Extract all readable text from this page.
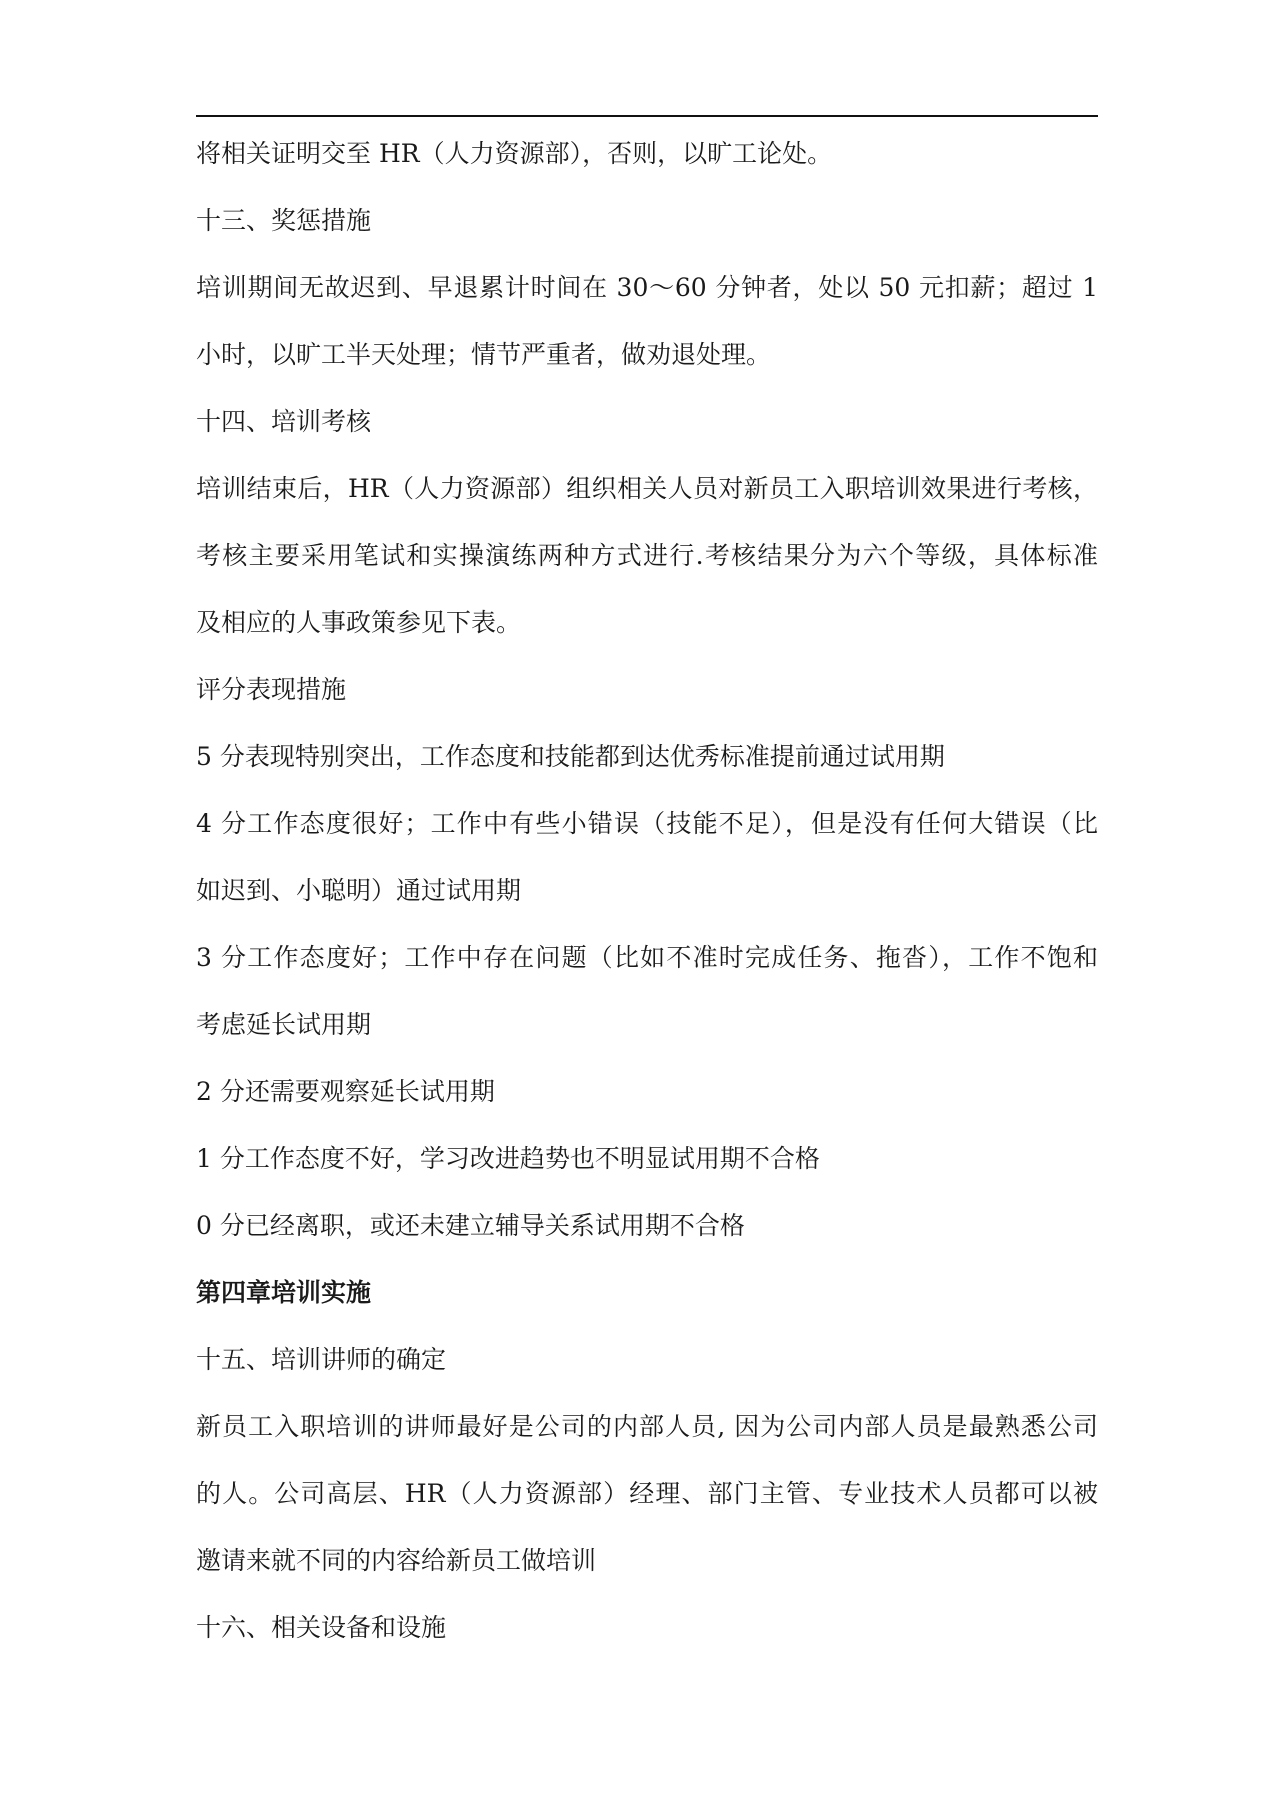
将相关证明交至 HR（人力资源部），否则，以旷工论处。
十三、奖惩措施
培训期间无故迟到、早退累计时间在 30～60 分钟者，处以 50 元扣薪；超过 1
小时，以旷工半天处理；情节严重者，做劝退处理。
十四、培训考核
培训结束后，HR（人力资源部）组织相关人员对新员工入职培训效果进行考核，
考核主要采用笔试和实操演练两种方式进行.考核结果分为六个等级，具体标准
及相应的人事政策参见下表。
评分表现措施
5 分表现特别突出，工作态度和技能都到达优秀标准提前通过试用期
4 分工作态度很好；工作中有些小错误（技能不足），但是没有任何大错误（比
如迟到、小聪明）通过试用期
3 分工作态度好；工作中存在问题（比如不准时完成任务、拖沓），工作不饱和
考虑延长试用期
2 分还需要观察延长试用期
1 分工作态度不好，学习改进趋势也不明显试用期不合格
0 分已经离职，或还未建立辅导关系试用期不合格
第四章培训实施
十五、培训讲师的确定
新员工入职培训的讲师最好是公司的内部人员, 因为公司内部人员是最熟悉公司
的人。公司高层、HR（人力资源部）经理、部门主管、专业技术人员都可以被
邀请来就不同的内容给新员工做培训
十六、相关设备和设施
